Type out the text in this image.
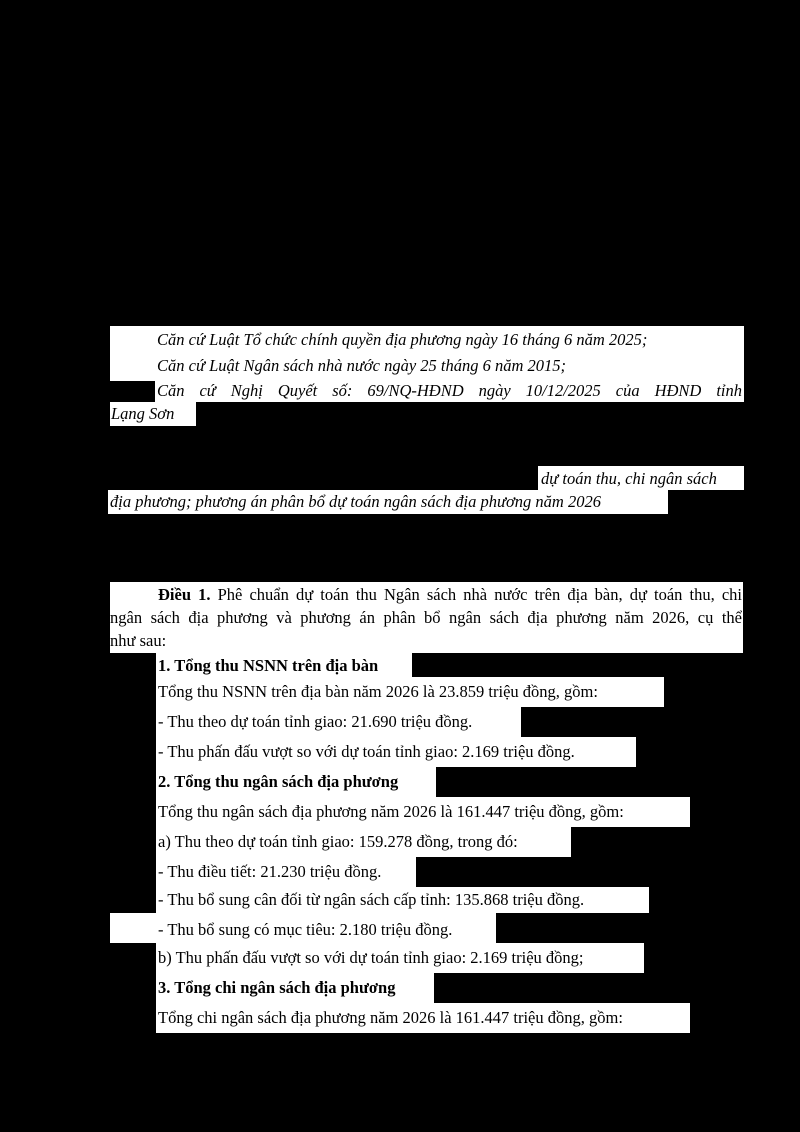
Căn cứ Luật Tổ chức chính quyền địa phương ngày 16 tháng 6 năm 2025;
Căn cứ Luật Ngân sách nhà nước ngày 25 tháng 6 năm 2015;
Căn cứ Nghị Quyết số: 69/NQ-HĐND ngày 10/12/2025 của HĐND tỉnh
Lạng Sơn
dự toán thu, chi ngân sách
địa phương; phương án phân bổ dự toán ngân sách địa phương năm 2026
Điều 1. Phê chuẩn dự toán thu Ngân sách nhà nước trên địa bàn, dự toán thu, chi
ngân sách địa phương và phương án phân bổ ngân sách địa phương năm 2026, cụ thể
như sau:
1. Tổng thu NSNN trên địa bàn
Tổng thu NSNN trên địa bàn năm 2026 là 23.859 triệu đồng, gồm:
- Thu theo dự toán tỉnh giao: 21.690 triệu đồng.
- Thu phấn đấu vượt so với dự toán tỉnh giao: 2.169 triệu đồng.
2. Tổng thu ngân sách địa phương
Tổng thu ngân sách địa phương năm 2026 là 161.447 triệu đồng, gồm:
a) Thu theo dự toán tỉnh giao: 159.278 đồng, trong đó:
- Thu điều tiết: 21.230 triệu đồng.
- Thu bổ sung cân đối từ ngân sách cấp tỉnh: 135.868 triệu đồng.
- Thu bổ sung có mục tiêu: 2.180 triệu đồng.
b) Thu phấn đấu vượt so với dự toán tỉnh giao: 2.169 triệu đồng;
3. Tổng chi ngân sách địa phương
Tổng chi ngân sách địa phương năm 2026 là 161.447 triệu đồng, gồm:
